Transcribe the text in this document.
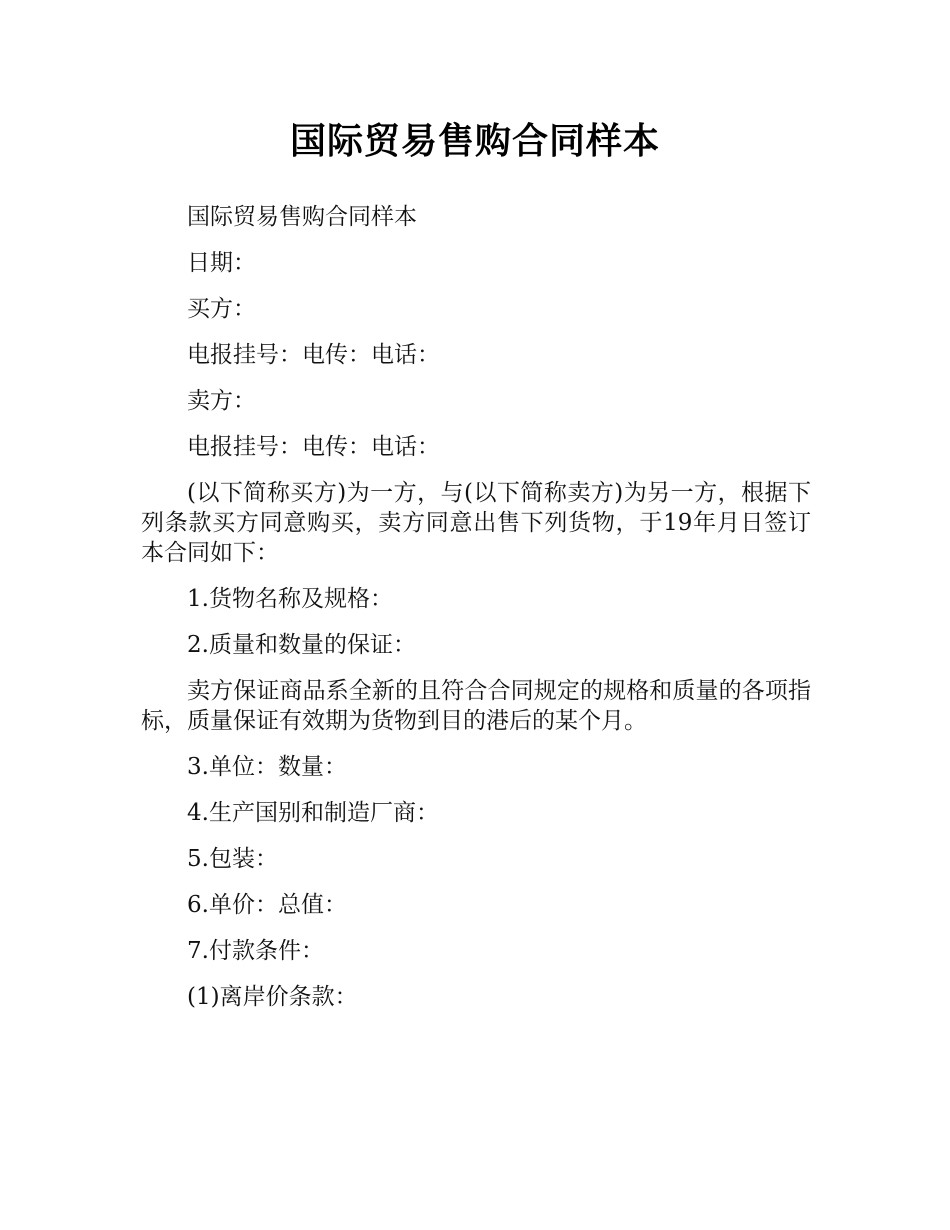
国际贸易售购合同样本

国际贸易售购合同样本

日期：

买方：

电报挂号：电传：电话：

卖方：

电报挂号：电传：电话：

(以下简称买方)为一方，与(以下简称卖方)为另一方，根据下列条款买方同意购买，卖方同意出售下列货物，于19年月日签订本合同如下：

1.货物名称及规格：

2.质量和数量的保证：

卖方保证商品系全新的且符合合同规定的规格和质量的各项指标，质量保证有效期为货物到目的港后的某个月。

3.单位：数量：

4.生产国别和制造厂商：

5.包装：

6.单价：总值：

7.付款条件：

(1)离岸价条款：
